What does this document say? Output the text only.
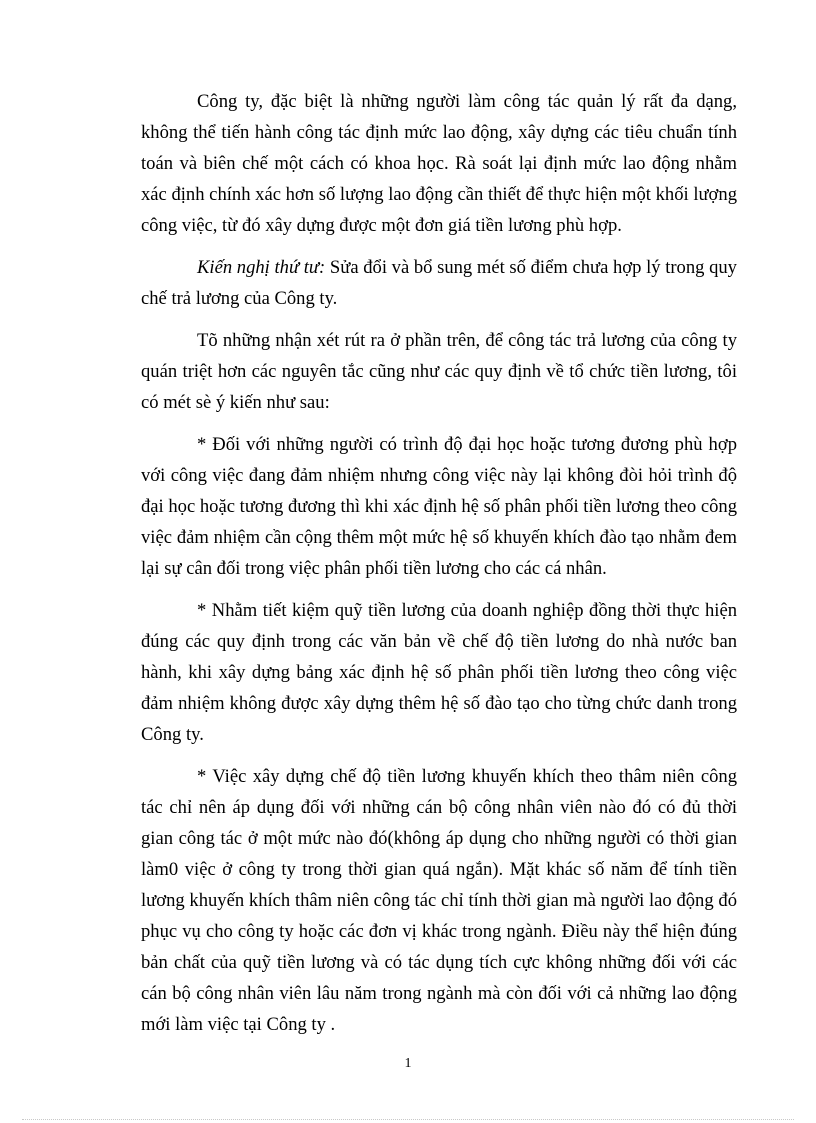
Công ty, đặc biệt là những người làm công tác quản lý rất đa dạng, không thể tiến hành công tác định mức lao động, xây dựng các tiêu chuẩn tính toán và biên chế một cách có khoa học. Rà soát lại định mức lao động nhằm xác định chính xác hơn số lượng lao động cần thiết để thực hiện một khối lượng công việc, từ đó xây dựng được một đơn giá tiền lương phù hợp.

Kiến nghị thứ tư: Sửa đổi và bổ sung mét số điểm chưa hợp lý trong quy chế trả lương của Công ty.

Tõ những nhận xét rút ra ở phần trên, để công tác trả lương của công ty quán triệt hơn các nguyên tắc cũng như các quy định về tổ chức tiền lương, tôi có mét sè ý kiến như sau:

* Đối với những người có trình độ đại học hoặc tương đương phù hợp với công việc đang đảm nhiệm nhưng công việc này lại không đòi hỏi trình độ đại học hoặc tương đương thì khi xác định hệ số phân phối tiền lương theo công việc đảm nhiệm cần cộng thêm một mức hệ số khuyến khích đào tạo nhằm đem lại sự cân đối trong việc phân phối tiền lương cho các cá nhân.

* Nhằm tiết kiệm quỹ tiền lương của doanh nghiệp đồng thời thực hiện đúng các quy định trong các văn bản về chế độ tiền lương do nhà nước ban hành, khi xây dựng bảng xác định hệ số phân phối tiền lương theo công việc đảm nhiệm không được xây dựng thêm hệ số đào tạo cho từng chức danh trong Công ty.

* Việc xây dựng chế độ tiền lương khuyến khích theo thâm niên công tác chỉ nên áp dụng đối với những cán bộ công nhân viên nào đó có đủ thời gian công tác ở một mức nào đó(không áp dụng cho những người có thời gian làm0 việc ở công ty trong thời gian quá ngắn). Mặt khác số năm để tính tiền lương khuyến khích thâm niên công tác chỉ tính thời gian mà người lao động đó phục vụ cho công ty hoặc các đơn vị khác trong ngành. Điều này thể hiện đúng bản chất của quỹ tiền lương và có tác dụng tích cực không những đối với các cán bộ công nhân viên lâu năm trong ngành mà còn đối với cả những lao động mới làm việc tại Công ty .

1
